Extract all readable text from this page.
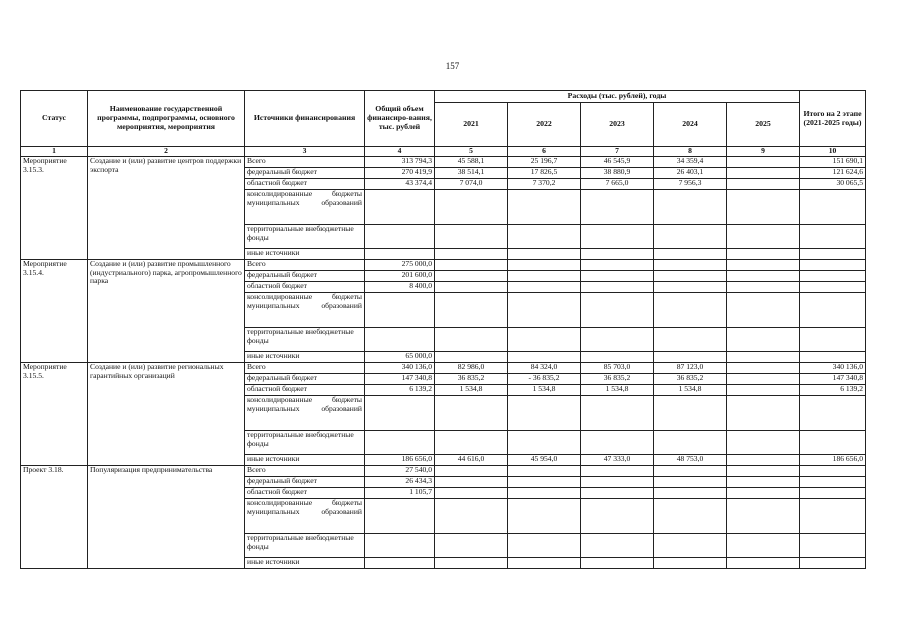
157
Статус	Наименование государственной программы, подпрограммы, основного мероприятия, мероприятия	Источники финансирования	Общий объем финансиро-вания, тыс. рублей	Расходы (тыс. рублей), годы					Итого на 2 этапе (2021-2025 годы)
				2021	2022	2023	2024	2025	
1	2	3	4	5	6	7	8	9	10
Мероприятие 3.15.3.	Создание и (или) развитие центров поддержки экспорта	Всего	313 794,3	45 588,1	25 196,7	46 545,9	34 359,4		151 690,1
		федеральный бюджет	270 419,9	38 514,1	17 826,5	38 880,9	26 403,1		121 624,6
		областной бюджет	43 374,4	7 074,0	7 370,2	7 665,0	7 956,3		30 065,5
		консолидированные бюджеты муниципальных образований							
		территориальные внебюджетные фонды							
		иные источники							
Мероприятие 3.15.4.	Создание и (или) развитие промышленного (индустриального) парка, агропромышленного парка	Всего	275 000,0						
		федеральный бюджет	201 600,0						
		областной бюджет	8 400,0						
		консолидированные бюджеты муниципальных образований							
		территориальные внебюджетные фонды							
		иные источники	65 000,0						
Мероприятие 3.15.5.	Создание и (или) развитие региональных гарантийных организаций	Всего	340 136,0	82 986,0	84 324,0	85 703,0	87 123,0		340 136,0
		федеральный бюджет	147 340,8	36 835,2	- 36 835,2	36 835,2	36 835,2		147 340,8
		областной бюджет	6 139,2	1 534,8	1 534,8	1 534,8	1 534,8		6 139,2
		консолидированные бюджеты муниципальных образований							
		территориальные внебюджетные фонды							
		иные источники	186 656,0	44 616,0	45 954,0	47 333,0	48 753,0		186 656,0
Проект 3.18.	Популяризация предпринимательства	Всего	27 540,0						
		федеральный бюджет	26 434,3						
		областной бюджет	1 105,7						
		консолидированные бюджеты муниципальных образований							
		территориальные внебюджетные фонды							
		иные источники							
